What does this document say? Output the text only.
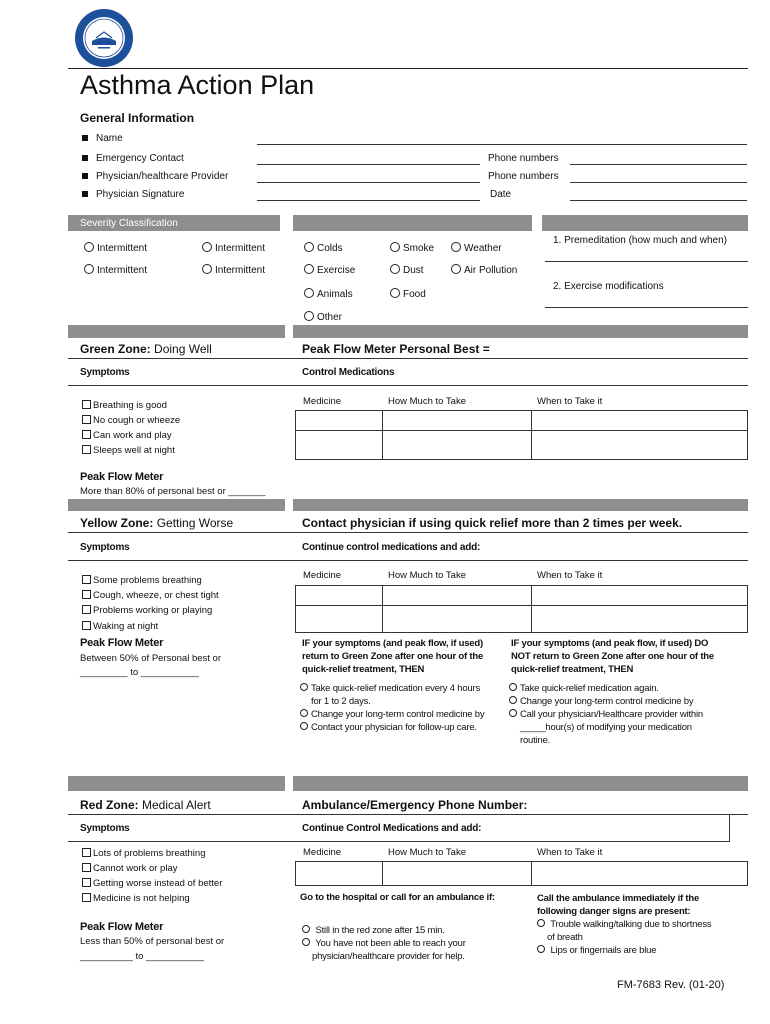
Asthma Action Plan
General Information
Name
Emergency Contact	Phone numbers
Physician/healthcare Provider	Phone numbers
Physician Signature	Date
Severity Classification
Intermittent	Intermittent
Intermittent	Intermittent
Colds	Smoke	Weather
Exercise	Dust	Air Pollution
Animals	Food
Other
1. Premeditation (how much and when)
2. Exercise modifications
Green Zone: Doing Well	Peak Flow Meter Personal Best =
Symptoms	Control Medications
Breathing is good
No cough or wheeze
Can work and play
Sleeps well at night
Medicine	How Much to Take	When to Take it

Peak Flow Meter
More than 80% of personal best or _______
Yellow Zone: Getting Worse	Contact physician if using quick relief more than 2 times per week.
Symptoms	Continue control medications and add:
Some problems breathing
Cough, wheeze, or chest tight
Problems working or playing
Waking at night
Peak Flow Meter
Between 50% of Personal best or
_________ to ___________
Medicine	How Much to Take	When to Take it

IF your symptoms (and peak flow, if used)
return to Green Zone after one hour of the
quick-relief treatment, THEN
Take quick-relief medication every 4 hours
for 1 to 2 days.
Change your long-term control medicine by
Contact your physician for follow-up care.
IF your symptoms (and peak flow, if used) DO
NOT return to Green Zone after one hour of the
quick-relief treatment, THEN
Take quick-relief medication again.
Change your long-term control medicine by
Call your physician/Healthcare provider within
_____hour(s) of modifying your medication
routine.
Red Zone: Medical Alert	Ambulance/Emergency Phone Number:
Symptoms	Continue Control Medications and add:
Lots of problems breathing
Cannot work or play
Getting worse instead of better
Medicine is not helping
Peak Flow Meter
Less than 50% of personal best or
__________ to ___________
Medicine	How Much to Take	When to Take it

Go to the hospital or call for an ambulance if:
Still in the red zone after 15 min.
You have not been able to reach your
physician/healthcare provider for help.
Call the ambulance immediately if the
following danger signs are present:
Trouble walking/talking due to shortness
of breath
Lips or fingernails are blue
FM-7683 Rev. (01-20)
